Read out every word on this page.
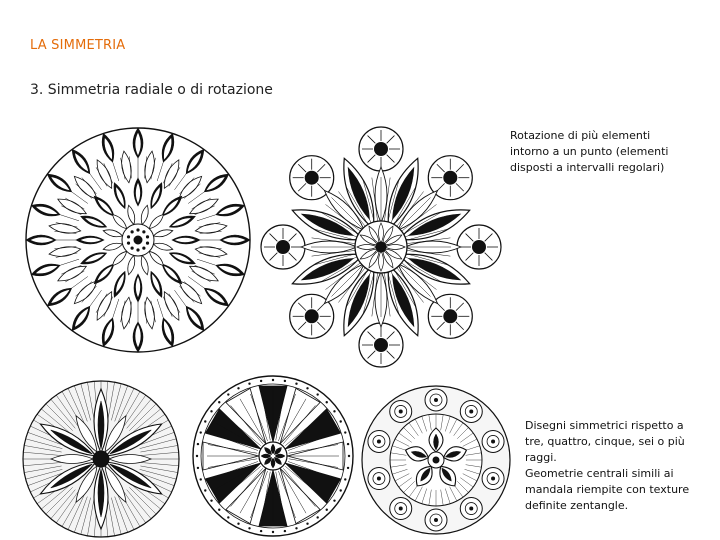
LA SIMMETRIA
3. Simmetria radiale o di rotazione
Rotazione di più elementi intorno a un punto (elementi disposti a intervalli regolari)
Disegni simmetrici rispetto a tre, quattro, cinque, sei o più raggi.
Geometrie centrali simili ai mandala riempite con texture definite zentangle.
